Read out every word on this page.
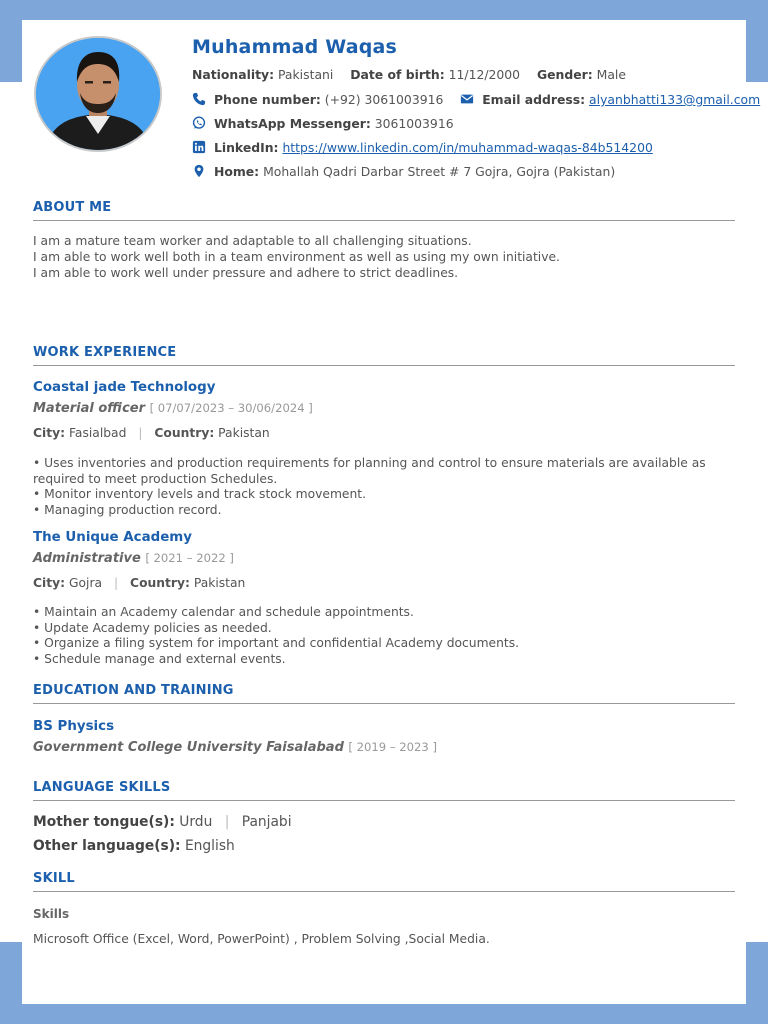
Muhammad Waqas
Nationality: Pakistani Date of birth: 11/12/2000 Gender: Male
Phone number: (+92) 3061003916	Email address: alyanbhatti133@gmail.com
WhatsApp Messenger: 3061003916
LinkedIn: https://www.linkedin.com/in/muhammad-waqas-84b514200
Home: Mohallah Qadri Darbar Street # 7 Gojra, Gojra (Pakistan)
ABOUT ME

I am a mature team worker and adaptable to all challenging situations.

I am able to work well both in a team environment as well as using my own initiative.

I am able to work well under pressure and adhere to strict deadlines.

WORK EXPERIENCE
Coastal jade Technology
Material officer [ 07/07/2023 – 30/06/2024 ]
City: Fasialbad | Country: Pakistan
• Uses inventories and production requirements for planning and control to ensure materials are available as required to meet production Schedules.
• Monitor inventory levels and track stock movement.
• Managing production record.
The Unique Academy
Administrative [ 2021 – 2022 ]
City: Gojra | Country: Pakistan
• Maintain an Academy calendar and schedule appointments.
• Update Academy policies as needed.
• Organize a filing system for important and confidential Academy documents.
• Schedule manage and external events.
EDUCATION AND TRAINING
BS Physics
Government College University Faisalabad [ 2019 – 2023 ]
LANGUAGE SKILLS
Mother tongue(s): Urdu | Panjabi
Other language(s): English
SKILL
Skills
Microsoft Office (Excel, Word, PowerPoint) , Problem Solving ,Social Media.
